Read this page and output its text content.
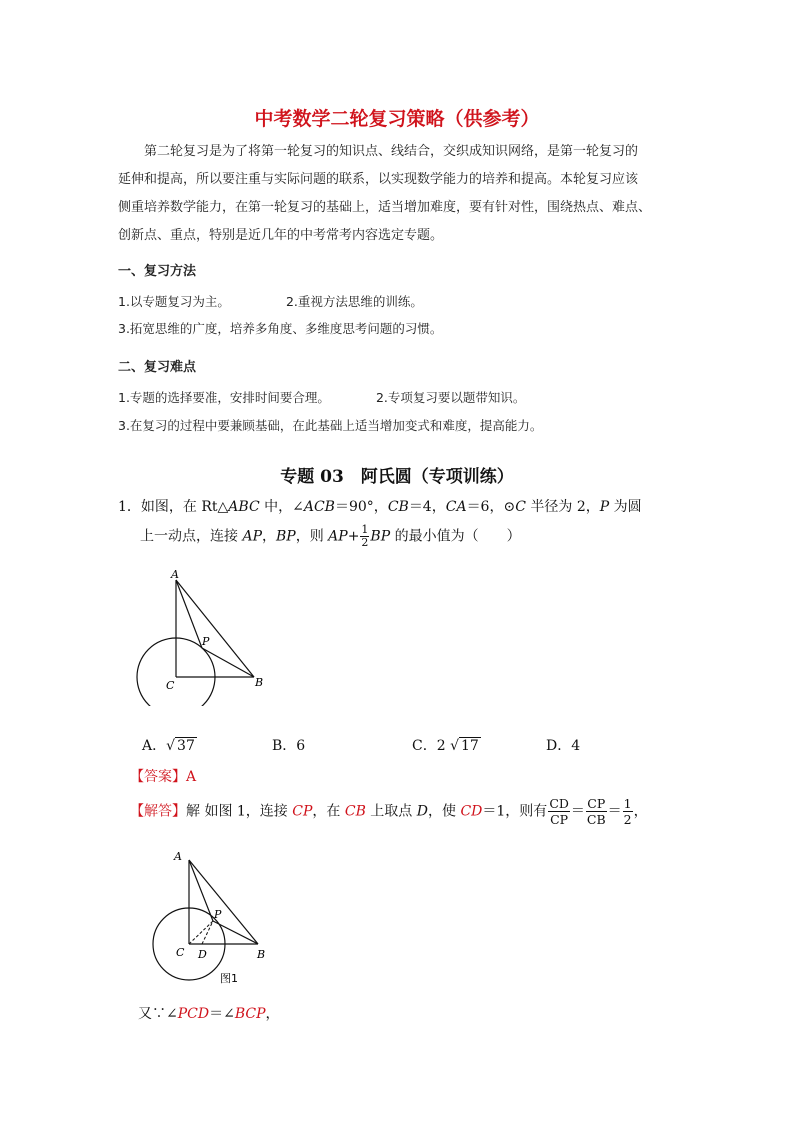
中考数学二轮复习策略（供参考）

第二轮复习是为了将第一轮复习的知识点、线结合，交织成知识网络，是第一轮复习的

延伸和提高，所以要注重与实际问题的联系，以实现数学能力的培养和提高。本轮复习应该

侧重培养数学能力，在第一轮复习的基础上，适当增加难度，要有针对性，围绕热点、难点、

创新点、重点，特别是近几年的中考常考内容选定专题。

一、复习方法
1.以专题复习为主。	2.重视方法思维的训练。
3.拓宽思维的广度，培养多角度、多维度思考问题的习惯。
二、复习难点
1.专题的选择要准，安排时间要合理。	2.专项复习要以题带知识。
3.在复习的过程中要兼顾基础，在此基础上适当增加变式和难度，提高能力。
专题 03　阿氏圆（专项训练）
1．如图，在 Rt△ABC 中，∠ACB＝90°，CB＝4，CA＝6，⊙C 半径为 2，P 为圆
上一动点，连接 AP，BP，则 $AP+ \frac{1}{2}$ BP 的最小值为（　　）
A
P
B
C
A．√ 37	B．6	C．2 √ 17	D．4
【答案】A
【解答】解 如图 1，连接 CP，在 CB 上取点 D，使 CD＝1，则有 $\frac{CD}{CP} = \frac{CP}{CB} = \frac{1}{2}$ ，
A
P
B
C D
图1
又∵∠PCD＝∠BCP，
